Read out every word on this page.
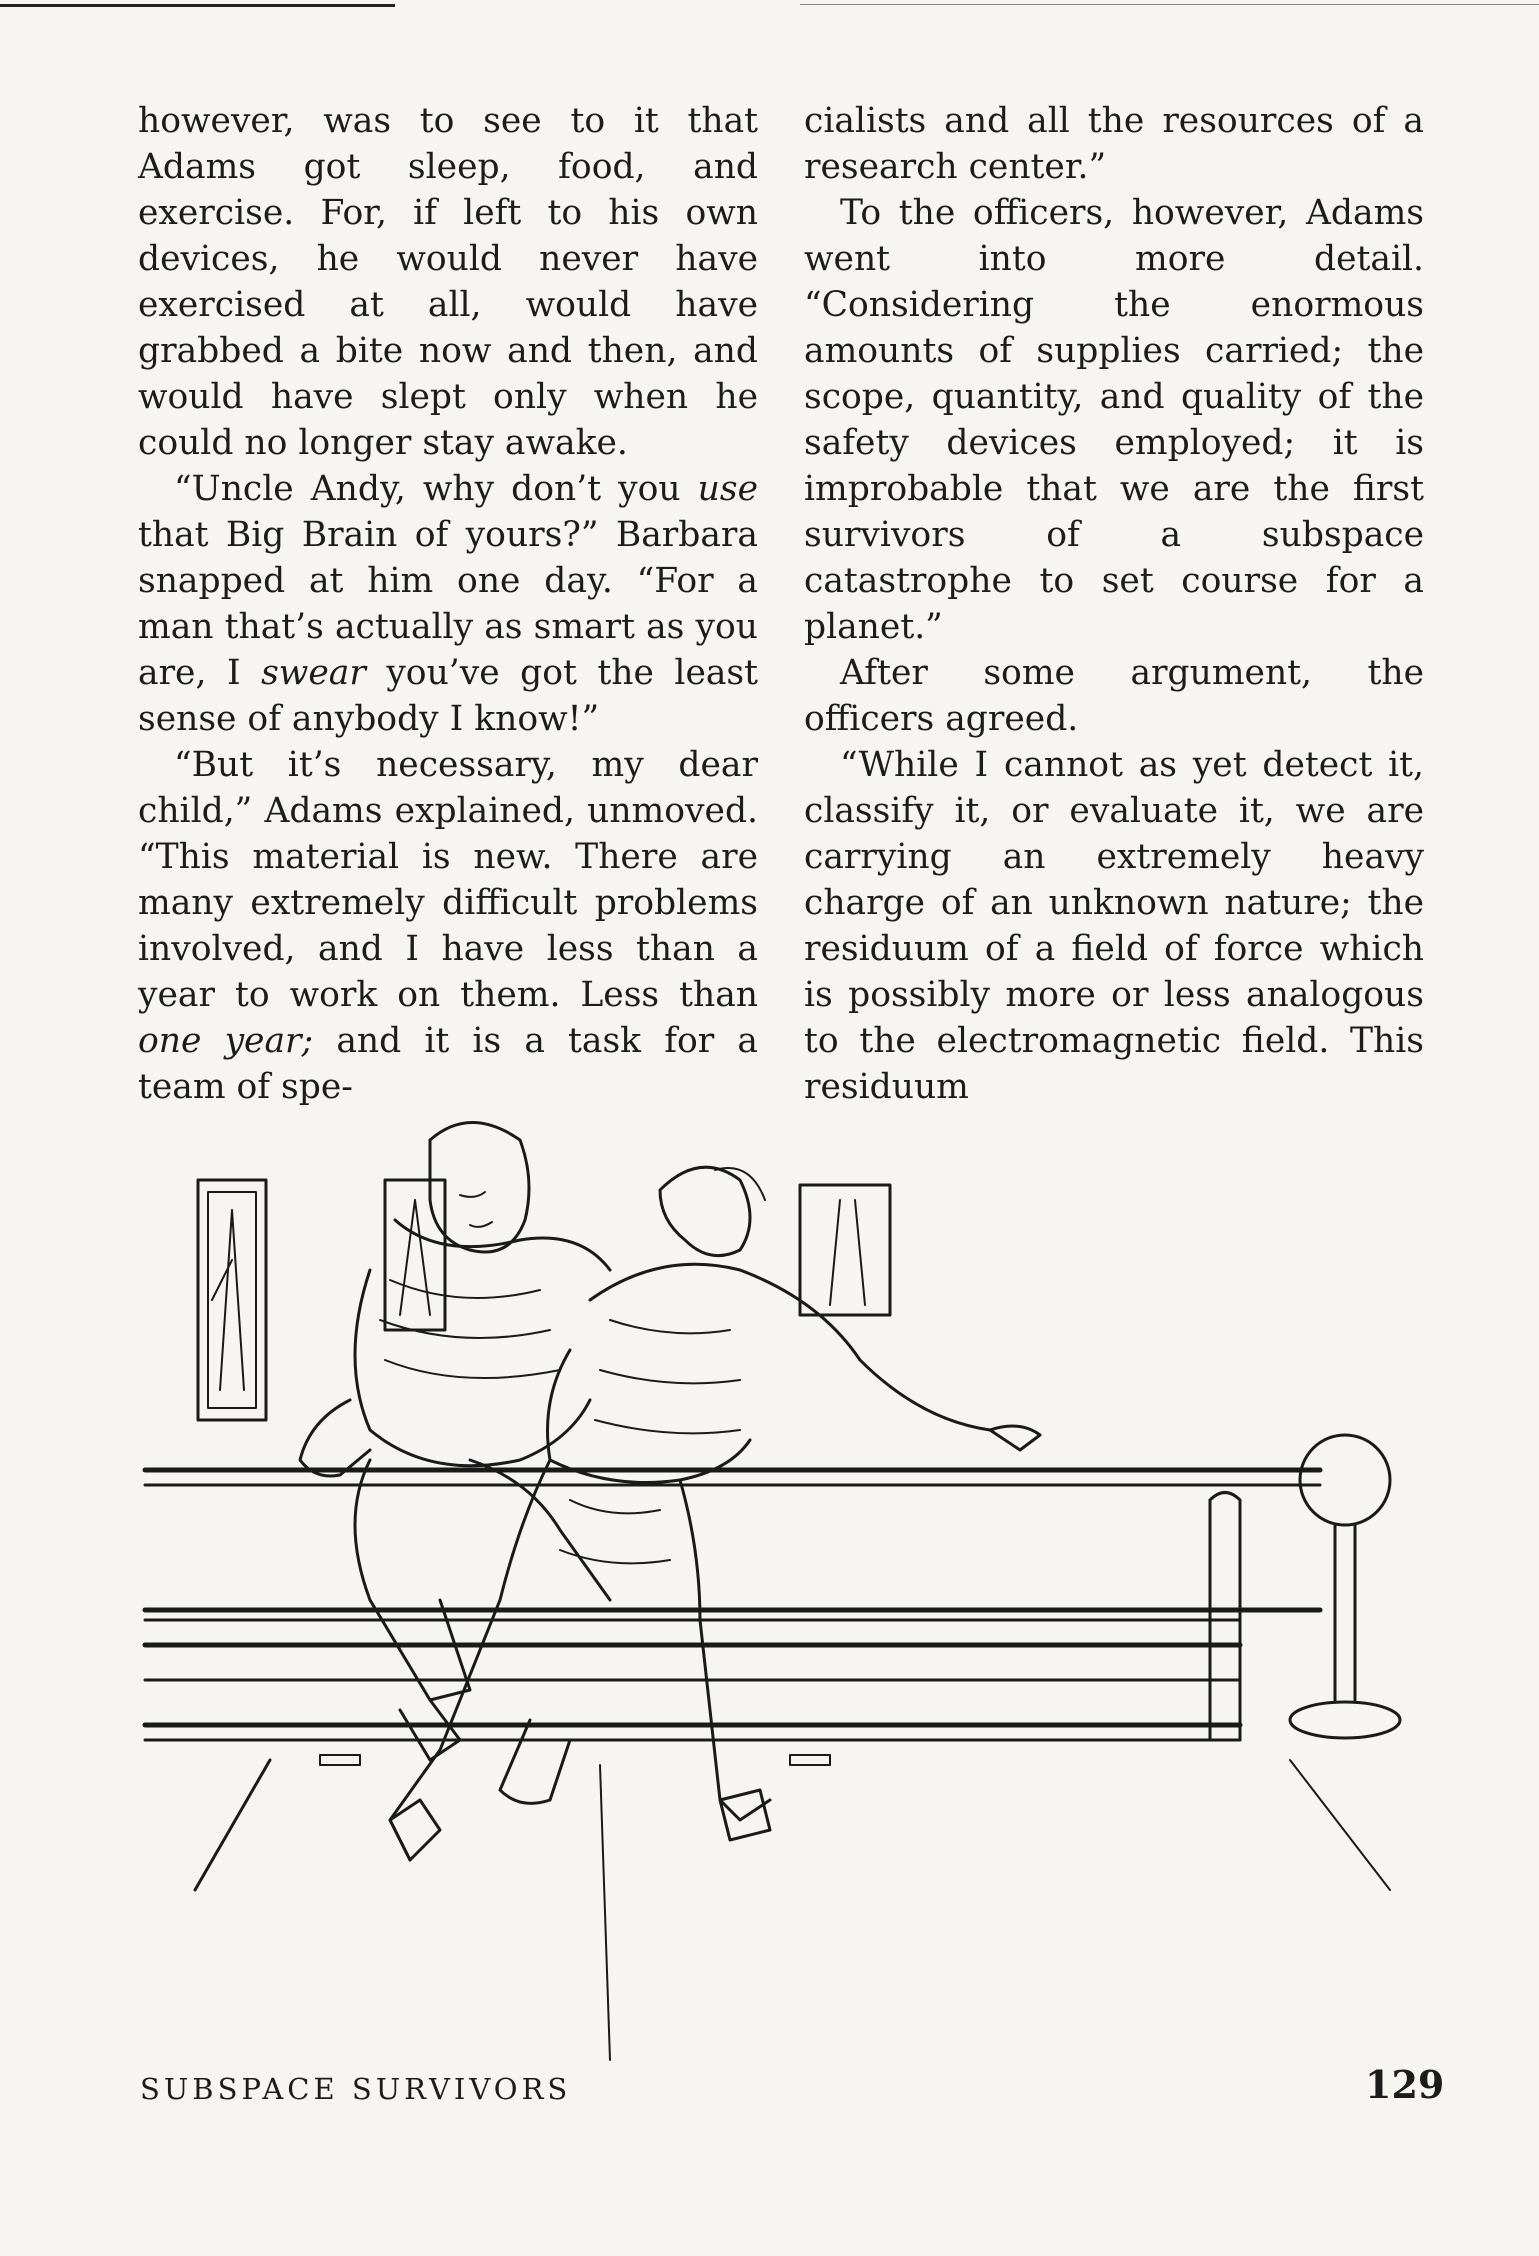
however, was to see to it that Adams got sleep, food, and exercise. For, if left to his own devices, he would never have exercised at all, would have grabbed a bite now and then, and would have slept only when he could no longer stay awake.

“Uncle Andy, why don’t you use that Big Brain of yours?” Barbara snapped at him one day. “For a man that’s actually as smart as you are, I swear you’ve got the least sense of anybody I know!”

“But it’s necessary, my dear child,” Adams explained, unmoved. “This material is new. There are many extremely difficult problems involved, and I have less than a year to work on them. Less than one year; and it is a task for a team of spe-

cialists and all the resources of a research center.”

To the officers, however, Adams went into more detail. “Considering the enormous amounts of supplies carried; the scope, quantity, and quality of the safety devices employed; it is improbable that we are the first survivors of a subspace catastrophe to set course for a planet.”

After some argument, the officers agreed.

“While I cannot as yet detect it, classify it, or evaluate it, we are carrying an extremely heavy charge of an unknown nature; the residuum of a field of force which is possibly more or less analogous to the electromagnetic field. This residuum

SUBSPACE SURVIVORS	129
